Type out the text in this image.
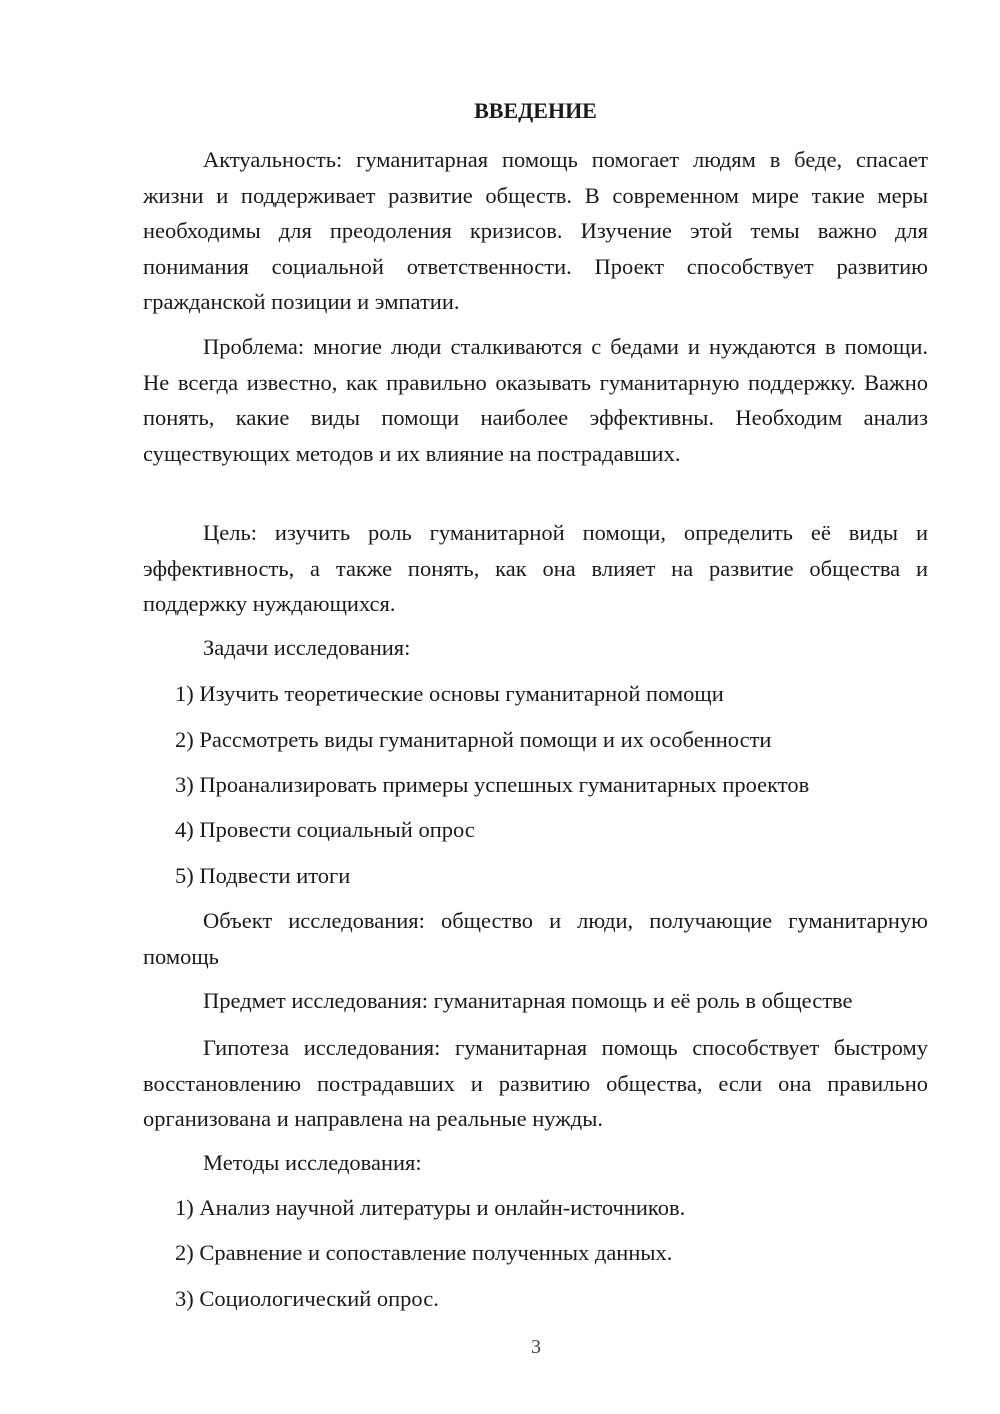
ВВЕДЕНИЕ

Актуальность: гуманитарная помощь помогает людям в беде, спасает жизни и поддерживает развитие обществ. В современном мире такие меры необходимы для преодоления кризисов. Изучение этой темы важно для понимания социальной ответственности. Проект способствует развитию гражданской позиции и эмпатии.

Проблема: многие люди сталкиваются с бедами и нуждаются в помощи. Не всегда известно, как правильно оказывать гуманитарную поддержку. Важно понять, какие виды помощи наиболее эффективны. Необходим анализ существующих методов и их влияние на пострадавших.

Цель: изучить роль гуманитарной помощи, определить её виды и эффективность, а также понять, как она влияет на развитие общества и поддержку нуждающихся.

Задачи исследования:
1) Изучить теоретические основы гуманитарной помощи
2) Рассмотреть виды гуманитарной помощи и их особенности
3) Проанализировать примеры успешных гуманитарных проектов
4) Провести социальный опрос
5) Подвести итоги

Объект исследования: общество и люди, получающие гуманитарную помощь

Предмет исследования: гуманитарная помощь и её роль в обществе

Гипотеза исследования: гуманитарная помощь способствует быстрому восстановлению пострадавших и развитию общества, если она правильно организована и направлена на реальные нужды.

Методы исследования:
1) Анализ научной литературы и онлайн-источников.
2) Сравнение и сопоставление полученных данных.
3) Социологический опрос.
3
